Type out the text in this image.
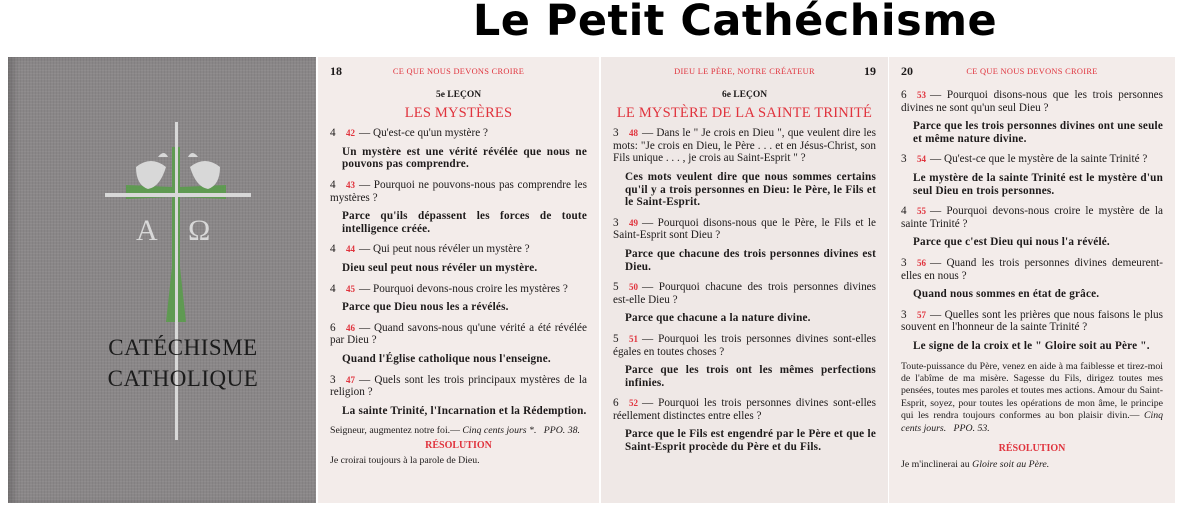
Le Petit Cathéchisme
Α Ω
CATÉCHISME
CATHOLIQUE
18	CE QUE NOUS DEVONS CROIRE
5e LEÇON
LES MYSTÈRES
4 42 — Qu'est-ce qu'un mystère ?
Un mystère est une vérité révélée que nous ne pouvons pas comprendre.
4 43 — Pourquoi ne pouvons-nous pas comprendre les mystères ?
Parce qu'ils dépassent les forces de toute intelligence créée.
4 44 — Qui peut nous révéler un mystère ?
Dieu seul peut nous révéler un mystère.
4 45 — Pourquoi devons-nous croire les mystères ?
Parce que Dieu nous les a révélés.
6 46 — Quand savons-nous qu'une vérité a été révélée par Dieu ?
Quand l'Église catholique nous l'enseigne.
3 47 — Quels sont les trois principaux mystères de la religion ?
La sainte Trinité, l'Incarnation et la Rédemption.
Seigneur, augmentez notre foi.— Cinq cents jours *. PPO. 38.
RÉSOLUTION
Je croirai toujours à la parole de Dieu.
19
DIEU LE PÈRE, NOTRE CRÉATEUR
6e LEÇON
LE MYSTÈRE DE LA SAINTE TRINITÉ
3 48 — Dans le " Je crois en Dieu ", que veulent dire les mots: "Je crois en Dieu, le Père . . . et en Jésus-Christ, son Fils unique . . . , je crois au Saint-Esprit " ?
Ces mots veulent dire que nous sommes certains qu'il y a trois personnes en Dieu: le Père, le Fils et le Saint-Esprit.
3 49 — Pourquoi disons-nous que le Père, le Fils et le Saint-Esprit sont Dieu ?
Parce que chacune des trois personnes divines est Dieu.
5 50 — Pourquoi chacune des trois personnes divines est-elle Dieu ?
Parce que chacune a la nature divine.
5 51 — Pourquoi les trois personnes divines sont-elles égales en toutes choses ?
Parce que les trois ont les mêmes perfections infinies.
6 52 — Pourquoi les trois personnes divines sont-elles réellement distinctes entre elles ?
Parce que le Fils est engendré par le Père et que le Saint-Esprit procède du Père et du Fils.
20	CE QUE NOUS DEVONS CROIRE
6 53 — Pourquoi disons-nous que les trois personnes divines ne sont qu'un seul Dieu ?
Parce que les trois personnes divines ont une seule et même nature divine.
3 54 — Qu'est-ce que le mystère de la sainte Trinité ?
Le mystère de la sainte Trinité est le mystère d'un seul Dieu en trois personnes.
4 55 — Pourquoi devons-nous croire le mystère de la sainte Trinité ?
Parce que c'est Dieu qui nous l'a révélé.
3 56 — Quand les trois personnes divines demeurent-elles en nous ?
Quand nous sommes en état de grâce.
3 57 — Quelles sont les prières que nous faisons le plus souvent en l'honneur de la sainte Trinité ?
Le signe de la croix et le " Gloire soit au Père ".
Toute-puissance du Père, venez en aide à ma faiblesse et tirez-moi de l'abîme de ma misère. Sagesse du Fils, dirigez toutes mes pensées, toutes mes paroles et toutes mes actions. Amour du Saint-Esprit, soyez, pour toutes les opérations de mon âme, le principe qui les rendra toujours conformes au bon plaisir divin.— Cinq cents jours. PPO. 53.
RÉSOLUTION
Je m'inclinerai au Gloire soit au Père.
